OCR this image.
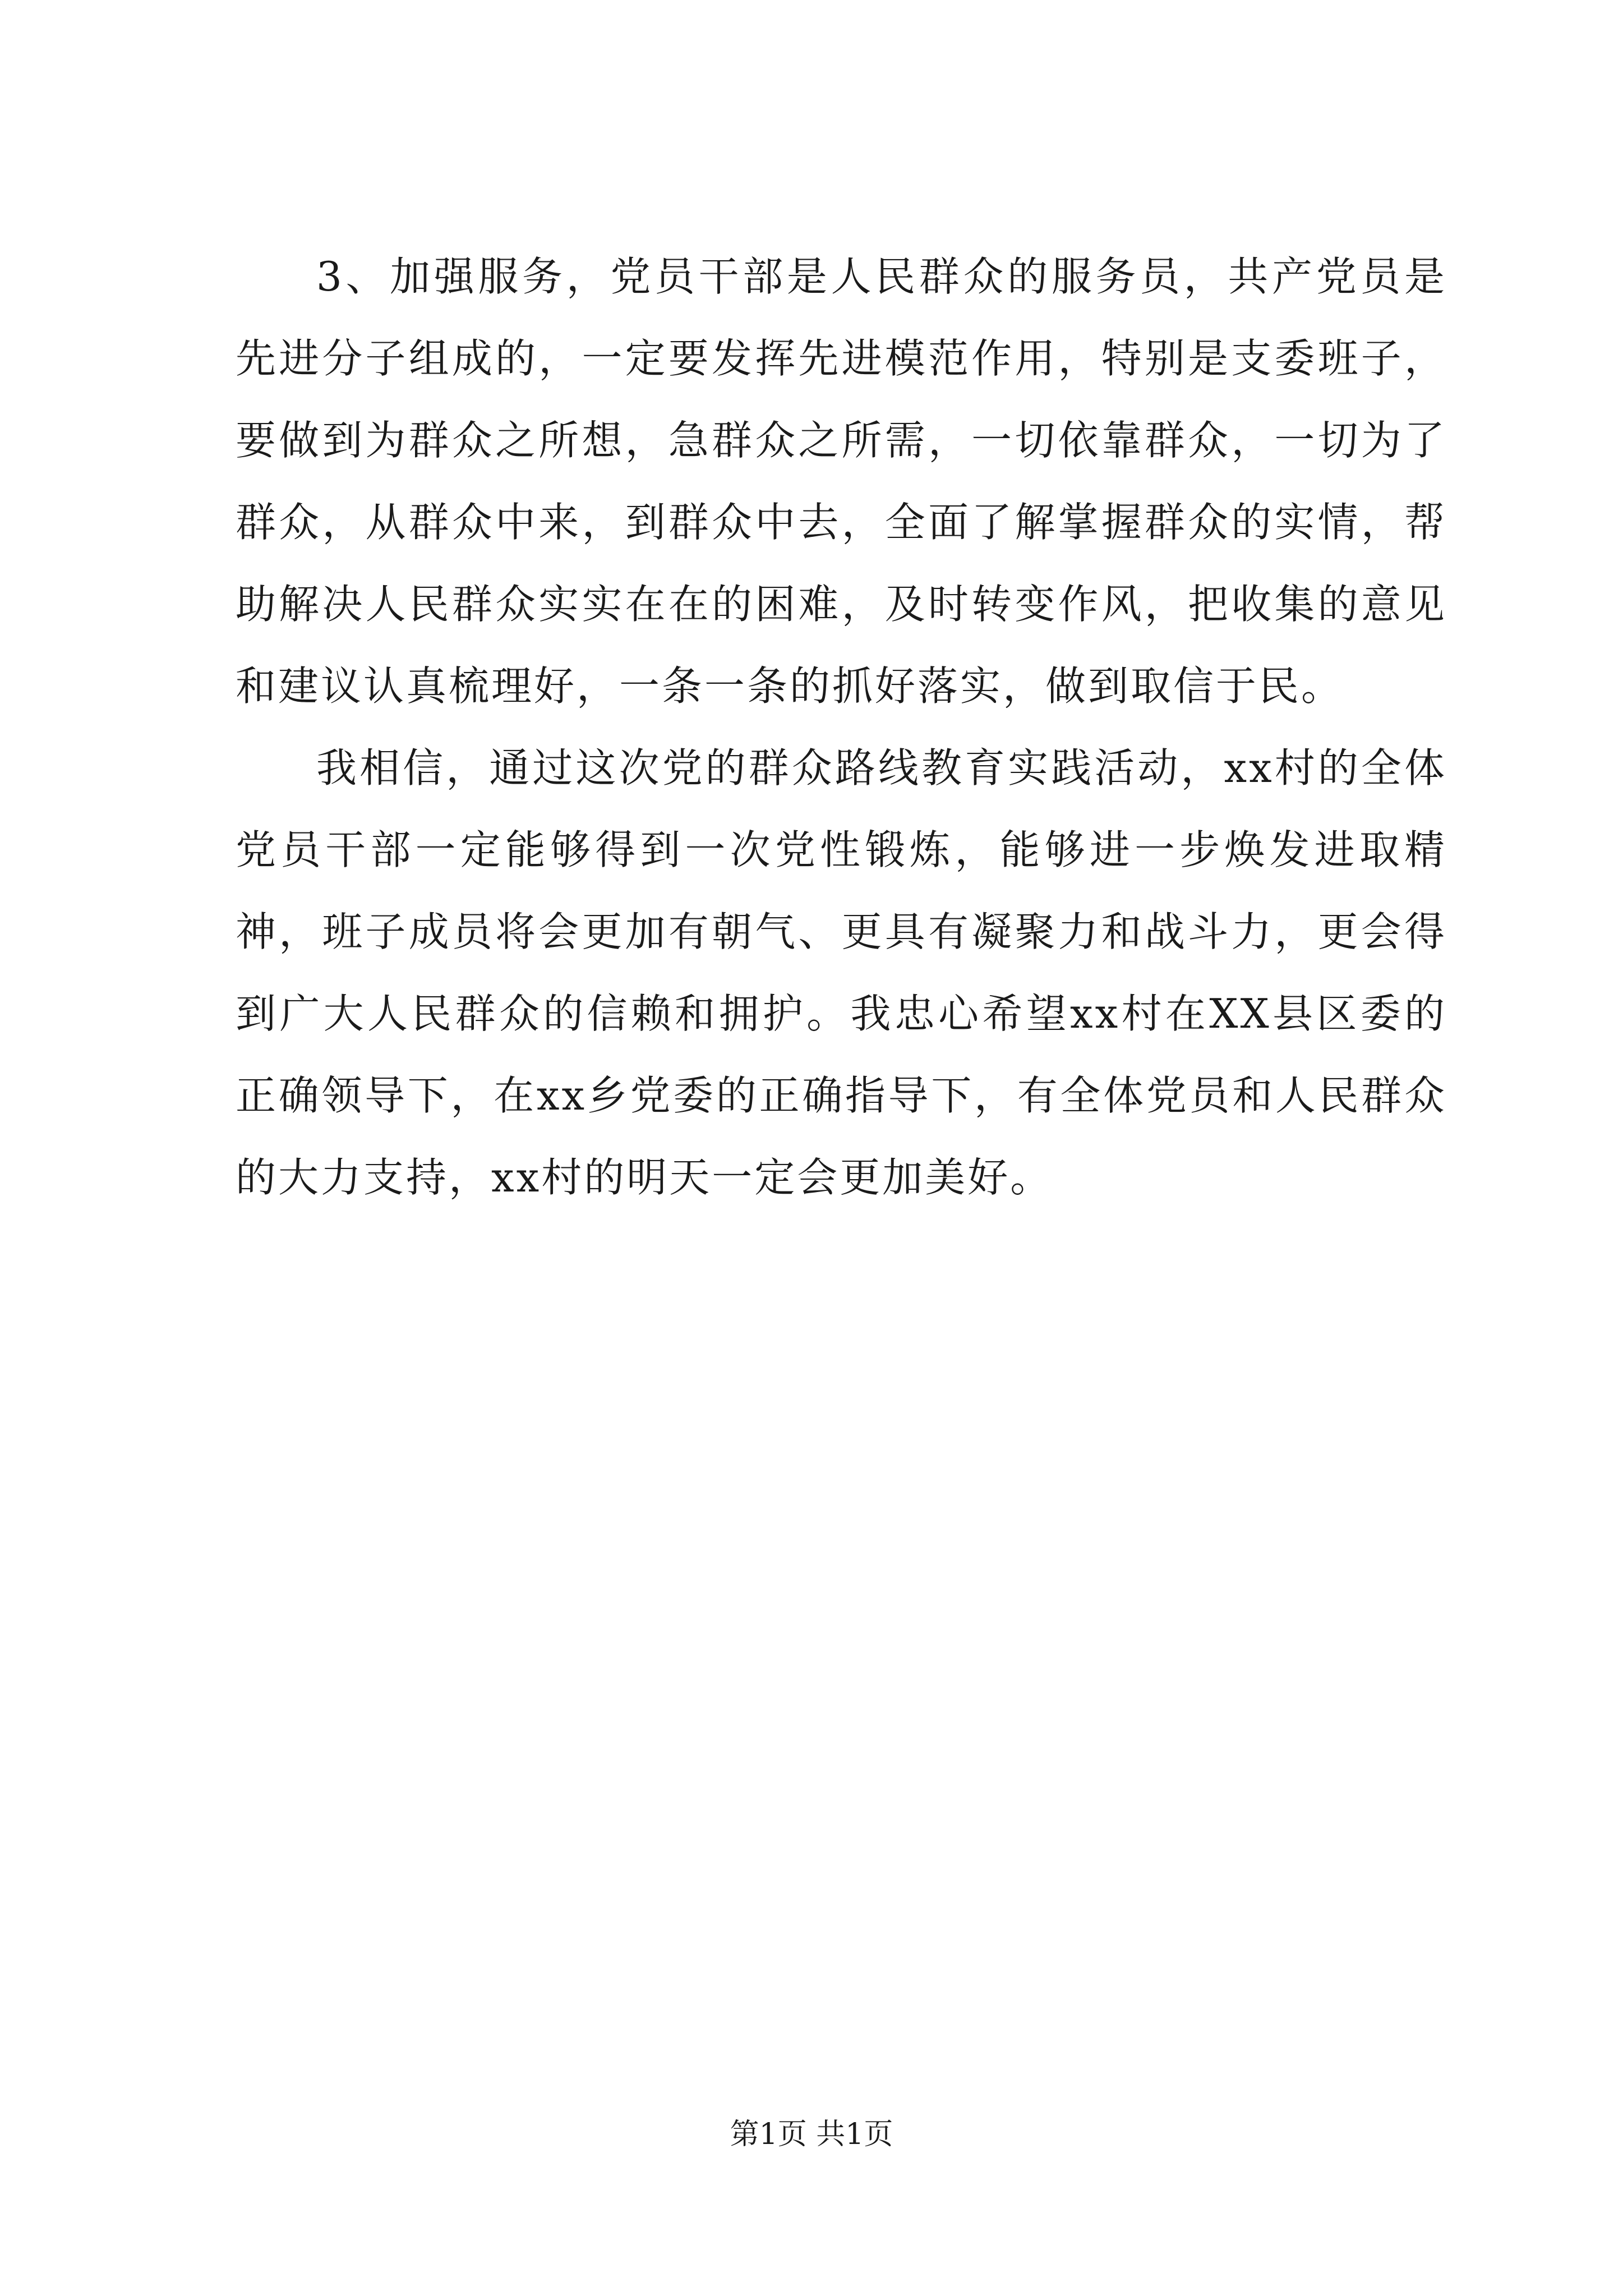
3、加强服务，党员干部是人民群众的服务员，共产党员是先进分子组成的，一定要发挥先进模范作用，特别是支委班子，要做到为群众之所想，急群众之所需，一切依靠群众，一切为了群众，从群众中来，到群众中去，全面了解掌握群众的实情，帮助解决人民群众实实在在的困难，及时转变作风，把收集的意见和建议认真梳理好，一条一条的抓好落实，做到取信于民。

我相信，通过这次党的群众路线教育实践活动，xx村的全体党员干部一定能够得到一次党性锻炼，能够进一步焕发进取精神，班子成员将会更加有朝气、更具有凝聚力和战斗力，更会得到广大人民群众的信赖和拥护。我忠心希望xx村在XX县区委的正确领导下，在xx乡党委的正确指导下，有全体党员和人民群众的大力支持，xx村的明天一定会更加美好。

第1页 共1页
